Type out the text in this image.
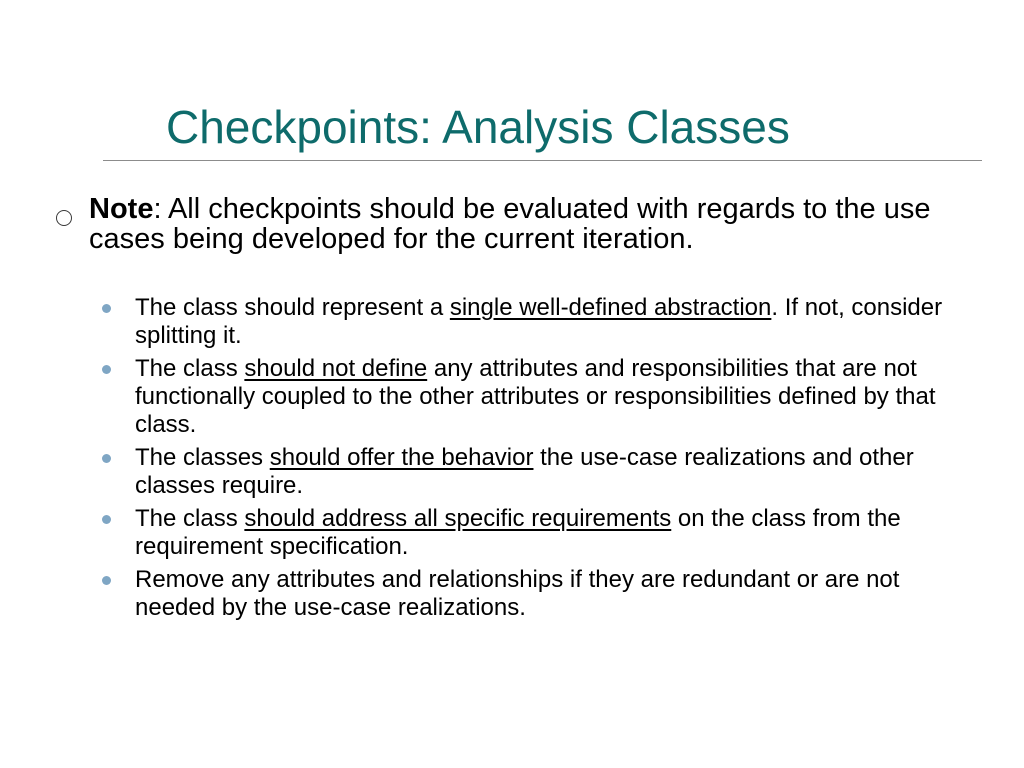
Checkpoints: Analysis Classes

Note: All checkpoints should be evaluated with regards to the use cases being developed for the current iteration.

The class should represent a single well-defined abstraction. If not, consider splitting it.
The class should not define any attributes and responsibilities that are not functionally coupled to the other attributes or responsibilities defined by that class.
The classes should offer the behavior the use-case realizations and other classes require.
The class should address all specific requirements on the class from the requirement specification.
Remove any attributes and relationships if they are redundant or are not needed by the use-case realizations.
